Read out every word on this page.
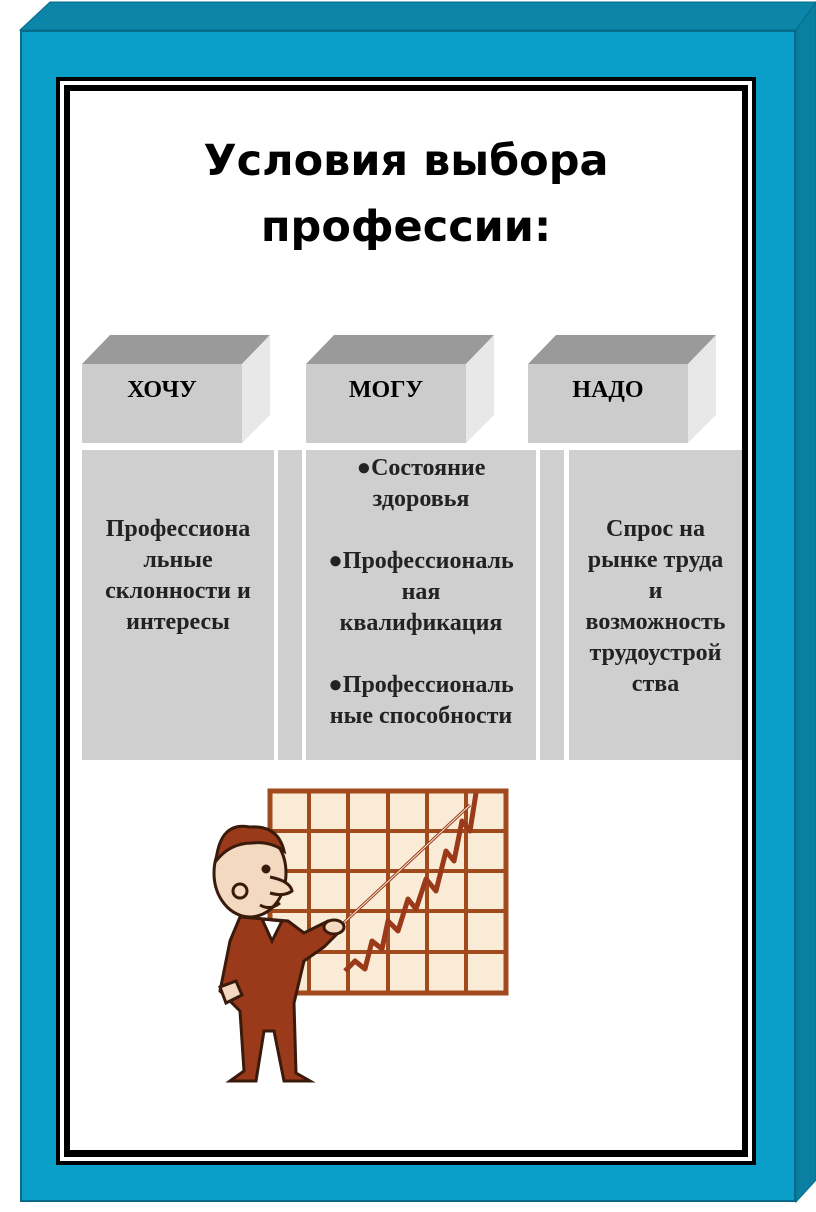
Условия выбора
профессии:
ХОЧУ	МОГУ	НАДО
Профессиона
льные
склонности и
интересы
●Состояние
здоровья
●Профессиональ
ная
квалификация
●Профессиональ
ные способности
Спрос на
рынке труда
и
возможность
трудоустрой
ства
